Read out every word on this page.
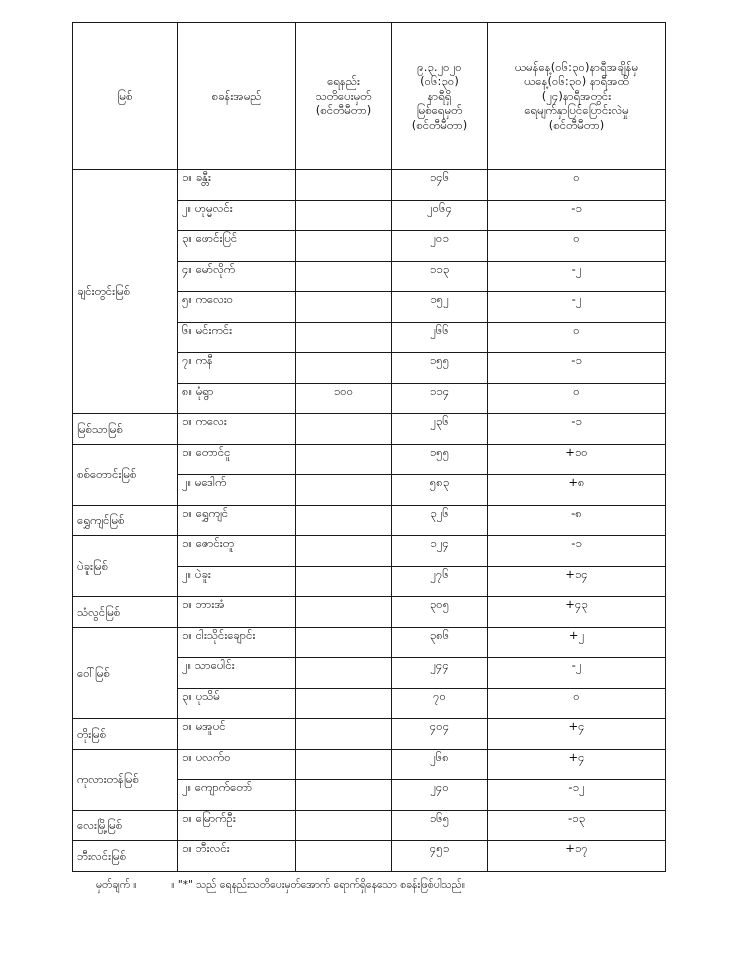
မြစ်	စခန်းအမည်	ရေနည်း
သတိပေးမှတ်
(စင်တီမီတာ)	၉.၃.၂၀၂၀
(၀၆:၃၀)
နာရီရှိ
မြစ်ရေမှတ်
(စင်တီမီတာ)	ယမန်နေ့(၀၆:၃၀)နာရီအချိန်မှ
ယနေ့(၀၆:၃၀) နာရီအထိ
(၂၄)နာရီအတွင်း
ရေမျက်နှာပြင်ပြောင်းလဲမှု
(စင်တီမီတာ)
ချင်းတွင်းမြစ်	၁။ ခန္တီး		၁၄၆	၀
	၂။ ဟုမ္မလင်း		၂၀၆၄	-၁
	၃။ ဖောင်းပြင်		၂၀၁	၀
	၄။ မော်လိုက်		၁၁၃	-၂
	၅။ ကလေးဝ		၁၅၂	-၂
	၆။ မင်းကင်း		၂၆၆	၀
	၇။ ကနီ		၁၅၅	-၁
	၈။ မုံရွာ	၁၀၀	၁၁၄	၀
မြစ်သာမြစ်	၁။ ကလေး		၂၃၆	-၁
စစ်တောင်းမြစ်	၁။ တောင်ငူ		၁၅၅	+၁၀
	၂။ မဒေါက်		၅၈၃	+၈
ရွှေကျင်မြစ်	၁။ ရွှေကျင်		၃၂၆	-၈
ပဲခူးမြစ်	၁။ ဇောင်းတူ		၁၂၄	-၁
	၂။ ပဲခူး		၂၇၆	+၁၄
သံလွင်မြစ်	၁။ ဘားအံ		၃၀၅	+၄၃
ဝေါ်မြစ်	၁။ ငါးသိုင်းချောင်း		၃၈၆	+၂
	၂။ သာပေါင်း		၂၄၄	-၂
	၃။ ပုသိမ်		၇၀	၀
တိုးမြစ်	၁။ မအူပင်		၄၀၄	+၄
ကုလားတန်မြစ်	၁။ ပလက်ဝ		၂၆၈	+၄
	၂။ ကျောက်တော်		၂၄၀	-၁၂
လေးမြို့မြစ်	၁။ မြောက်ဦး		၁၆၅	-၁၃
ဘီးလင်းမြစ်	၁။ ဘီးလင်း		၄၅၁	+၁၇
မှတ်ချက် ။	။ "*" သည် ရေနည်းသတိပေးမှတ်အောက် ရောက်ရှိနေသော စခန်းဖြစ်ပါသည်။
